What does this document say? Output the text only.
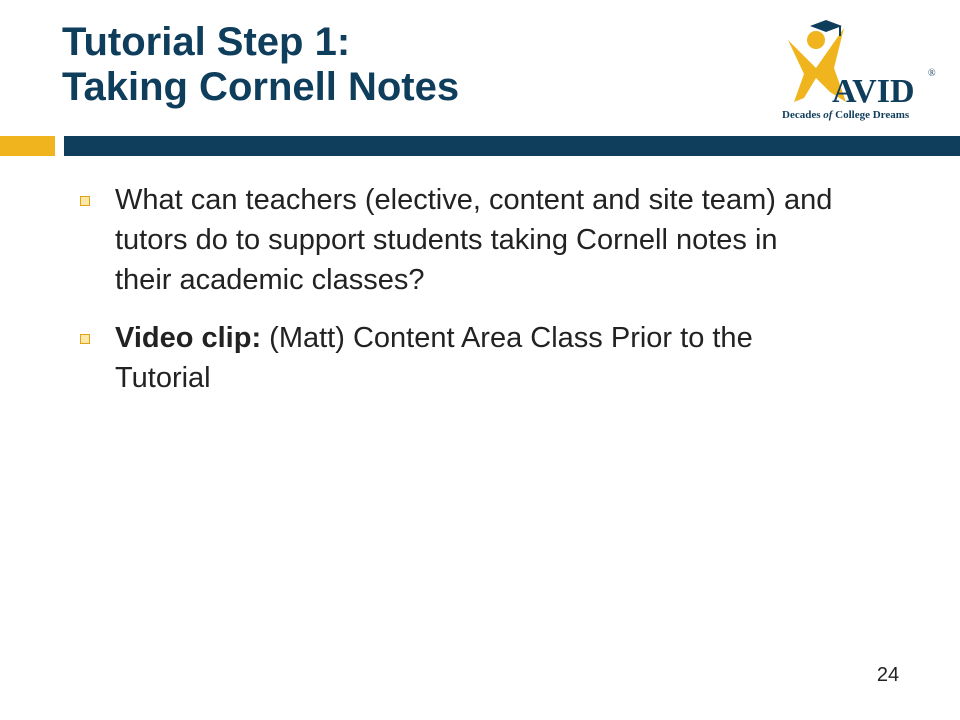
Tutorial Step 1:
Taking Cornell Notes	AVID ®
Decades of College Dreams
What can teachers (elective, content and site team) and tutors do to support students taking Cornell notes in their academic classes?
Video clip: (Matt) Content Area Class Prior to the Tutorial
24
